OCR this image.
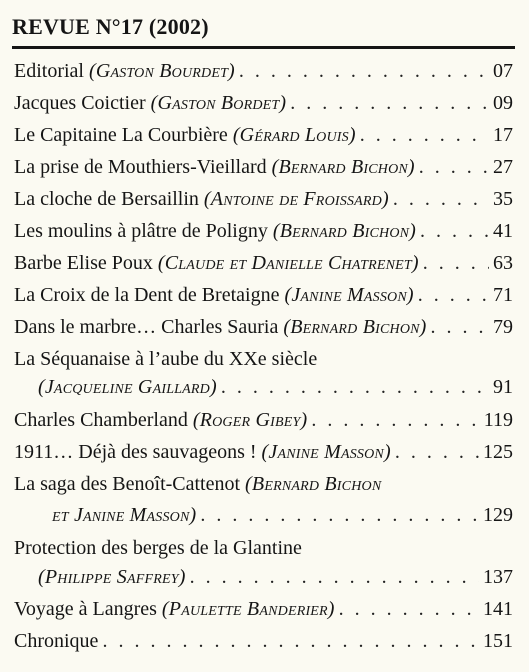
REVUE N°17 (2002)
Editorial (Gaston Bourdet) . . .	07
Jacques Coictier (Gaston Bordet) . . .	09
Le Capitaine La Courbière (Gérard Louis) . . .	17
La prise de Mouthiers-Vieillard (Bernard Bichon) . . .	27
La cloche de Bersaillin (Antoine de Froissard) . . .	35
Les moulins à plâtre de Poligny (Bernard Bichon) . . .	41
Barbe Elise Poux (Claude et Danielle Chatrenet) . . .	63
La Croix de la Dent de Bretaigne (Janine Masson) . . .	71
Dans le marbre… Charles Sauria (Bernard Bichon) . . .	79
La Séquanaise à l’aube du XXe siècle
(Jacqueline Gaillard) . . .	91
Charles Chamberland (Roger Gibey) . . .	119
1911… Déjà des sauvageons ! (Janine Masson) . . .	125
La saga des Benoît-Cattenot (Bernard Bichon
et Janine Masson) . . .	129
Protection des berges de la Glantine
(Philippe Saffrey) . . .	137
Voyage à Langres (Paulette Banderier) . . .	141
Chronique . . .	151
